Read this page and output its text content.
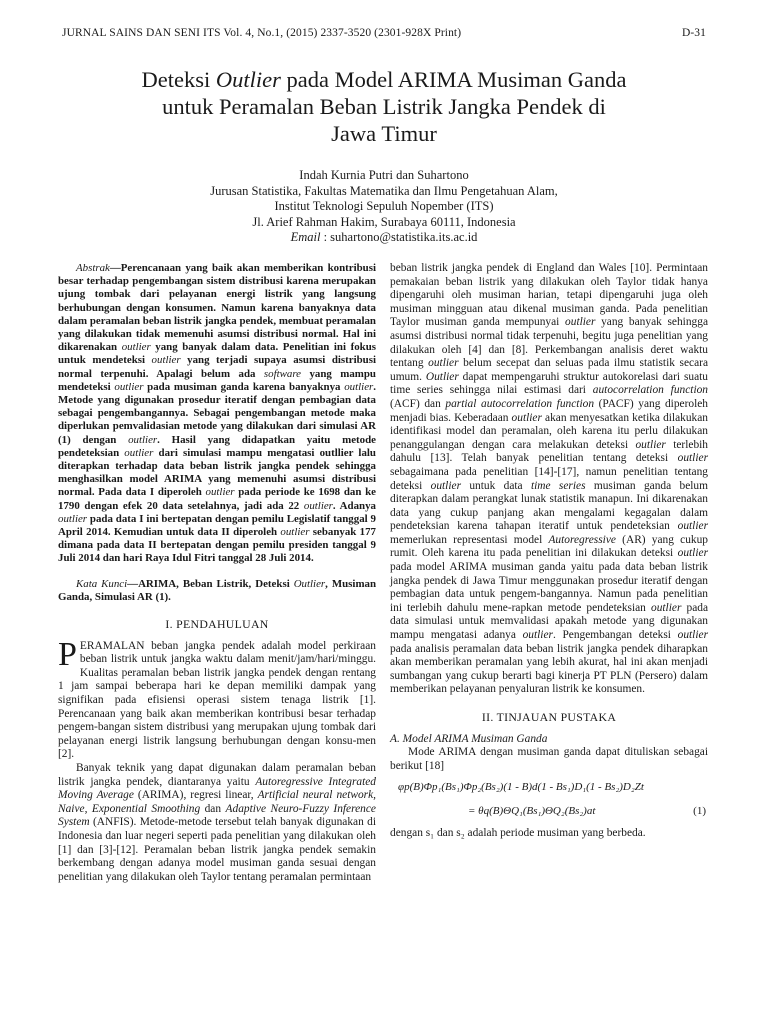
JURNAL SAINS DAN SENI ITS Vol. 4, No.1, (2015) 2337-3520 (2301-928X Print)	D-31
Deteksi Outlier pada Model ARIMA Musiman Ganda
untuk Peramalan Beban Listrik Jangka Pendek di
Jawa Timur
Indah Kurnia Putri dan Suhartono
Jurusan Statistika, Fakultas Matematika dan Ilmu Pengetahuan Alam,
Institut Teknologi Sepuluh Nopember (ITS)
Jl. Arief Rahman Hakim, Surabaya 60111, Indonesia
Email : suhartono@statistika.its.ac.id

Abstrak—Perencanaan yang baik akan memberikan kontribusi besar terhadap pengembangan sistem distribusi karena merupakan ujung tombak dari pelayanan energi listrik yang langsung berhubungan dengan konsumen. Namun karena banyaknya data dalam peramalan beban listrik jangka pendek, membuat peramalan yang dilakukan tidak memenuhi asumsi distribusi normal. Hal ini dikarenakan outlier yang banyak dalam data. Penelitian ini fokus untuk mendeteksi outlier yang terjadi supaya asumsi distribusi normal terpenuhi. Apalagi belum ada software yang mampu mendeteksi outlier pada musiman ganda karena banyaknya outlier. Metode yang digunakan prosedur iteratif dengan pembagian data sebagai pengembangannya. Sebagai pengembangan metode maka diperlukan pemvalidasian metode yang dilakukan dari simulasi AR (1) dengan outlier. Hasil yang didapatkan yaitu metode pendeteksian outlier dari simulasi mampu mengatasi outllier lalu diterapkan terhadap data beban listrik jangka pendek sehingga menghasilkan model ARIMA yang memenuhi asumsi distribusi normal. Pada data I diperoleh outlier pada periode ke 1698 dan ke 1790 dengan efek 20 data setelahnya, jadi ada 22 outlier. Adanya outlier pada data I ini bertepatan dengan pemilu Legislatif tanggal 9 April 2014. Kemudian untuk data II diperoleh outlier sebanyak 177 dimana pada data II bertepatan dengan pemilu presiden tanggal 9 Juli 2014 dan hari Raya Idul Fitri tanggal 28 Juli 2014.

Kata Kunci—ARIMA, Beban Listrik, Deteksi Outlier, Musiman Ganda, Simulasi AR (1).

I. PENDAHULUAN

PERAMALAN beban jangka pendek adalah model perkiraan beban listrik untuk jangka waktu dalam menit/jam/hari/minggu. Kualitas peramalan beban listrik jangka pendek dengan rentang 1 jam sampai beberapa hari ke depan memiliki dampak yang signifikan pada efisiensi operasi sistem tenaga listrik [1]. Perencanaan yang baik akan memberikan kontribusi besar terhadap pengem-bangan sistem distribusi yang merupakan ujung tombak dari pelayanan energi listrik langsung berhubungan dengan konsu-men [2].

Banyak teknik yang dapat digunakan dalam peramalan beban listrik jangka pendek, diantaranya yaitu Autoregressive Integrated Moving Average (ARIMA), regresi linear, Artificial neural network, Naive, Exponential Smoothing dan Adaptive Neuro-Fuzzy Inference System (ANFIS). Metode-metode tersebut telah banyak digunakan di Indonesia dan luar negeri seperti pada penelitian yang dilakukan oleh [1] dan [3]-[12]. Peramalan beban listrik jangka pendek semakin berkembang dengan adanya model musiman ganda sesuai dengan penelitian yang dilakukan oleh Taylor tentang peramalan permintaan

beban listrik jangka pendek di England dan Wales [10]. Permintaan pemakaian beban listrik yang dilakukan oleh Taylor tidak hanya dipengaruhi oleh musiman harian, tetapi dipengaruhi juga oleh musiman mingguan atau dikenal musiman ganda. Pada penelitian Taylor musiman ganda mempunyai outlier yang banyak sehingga asumsi distribusi normal tidak terpenuhi, begitu juga penelitian yang dilakukan oleh [4] dan [8]. Perkembangan analisis deret waktu tentang outlier belum secepat dan seluas pada ilmu statistik secara umum. Outlier dapat mempengaruhi struktur autokorelasi dari suatu time series sehingga nilai estimasi dari autocorrelation function (ACF) dan partial autocorrelation function (PACF) yang diperoleh menjadi bias. Keberadaan outlier akan menyesatkan ketika dilakukan identifikasi model dan peramalan, oleh karena itu perlu dilakukan penanggulangan dengan cara melakukan deteksi outlier terlebih dahulu [13]. Telah banyak penelitian tentang deteksi outlier sebagaimana pada penelitian [14]-[17], namun penelitian tentang deteksi outlier untuk data time series musiman ganda belum diterapkan dalam perangkat lunak statistik manapun. Ini dikarenakan data yang cukup panjang akan mengalami kegagalan dalam pendeteksian karena tahapan iteratif untuk pendeteksian outlier memerlukan representasi model Autoregressive (AR) yang cukup rumit. Oleh karena itu pada penelitian ini dilakukan deteksi outlier pada model ARIMA musiman ganda yaitu pada data beban listrik jangka pendek di Jawa Timur menggunakan prosedur iteratif dengan pembagian data untuk pengem-bangannya. Namun pada penelitian ini terlebih dahulu mene-rapkan metode pendeteksian outlier pada data simulasi untuk memvalidasi apakah metode yang digunakan mampu mengatasi adanya outlier. Pengembangan deteksi outlier pada analisis peramalan data beban listrik jangka pendek diharapkan akan memberikan peramalan yang lebih akurat, hal ini akan menjadi sumbangan yang cukup berarti bagi kinerja PT PLN (Persero) dalam memberikan pelayanan penyaluran listrik ke konsumen.

II. TINJAUAN PUSTAKA

A. Model ARIMA Musiman Ganda

Mode ARIMA dengan musiman ganda dapat dituliskan sebagai berikut [18]

φp(B)Φp₁(Bs₁)Φp₂(Bs₂)(1 - B)d(1 - Bs₁)D₁(1 - Bs₂)D₂Zt
= θq(B)ΘQ₁(Bs₁)ΘQ₂(Bs₂)at	(1)

dengan s₁ dan s₂ adalah periode musiman yang berbeda.
